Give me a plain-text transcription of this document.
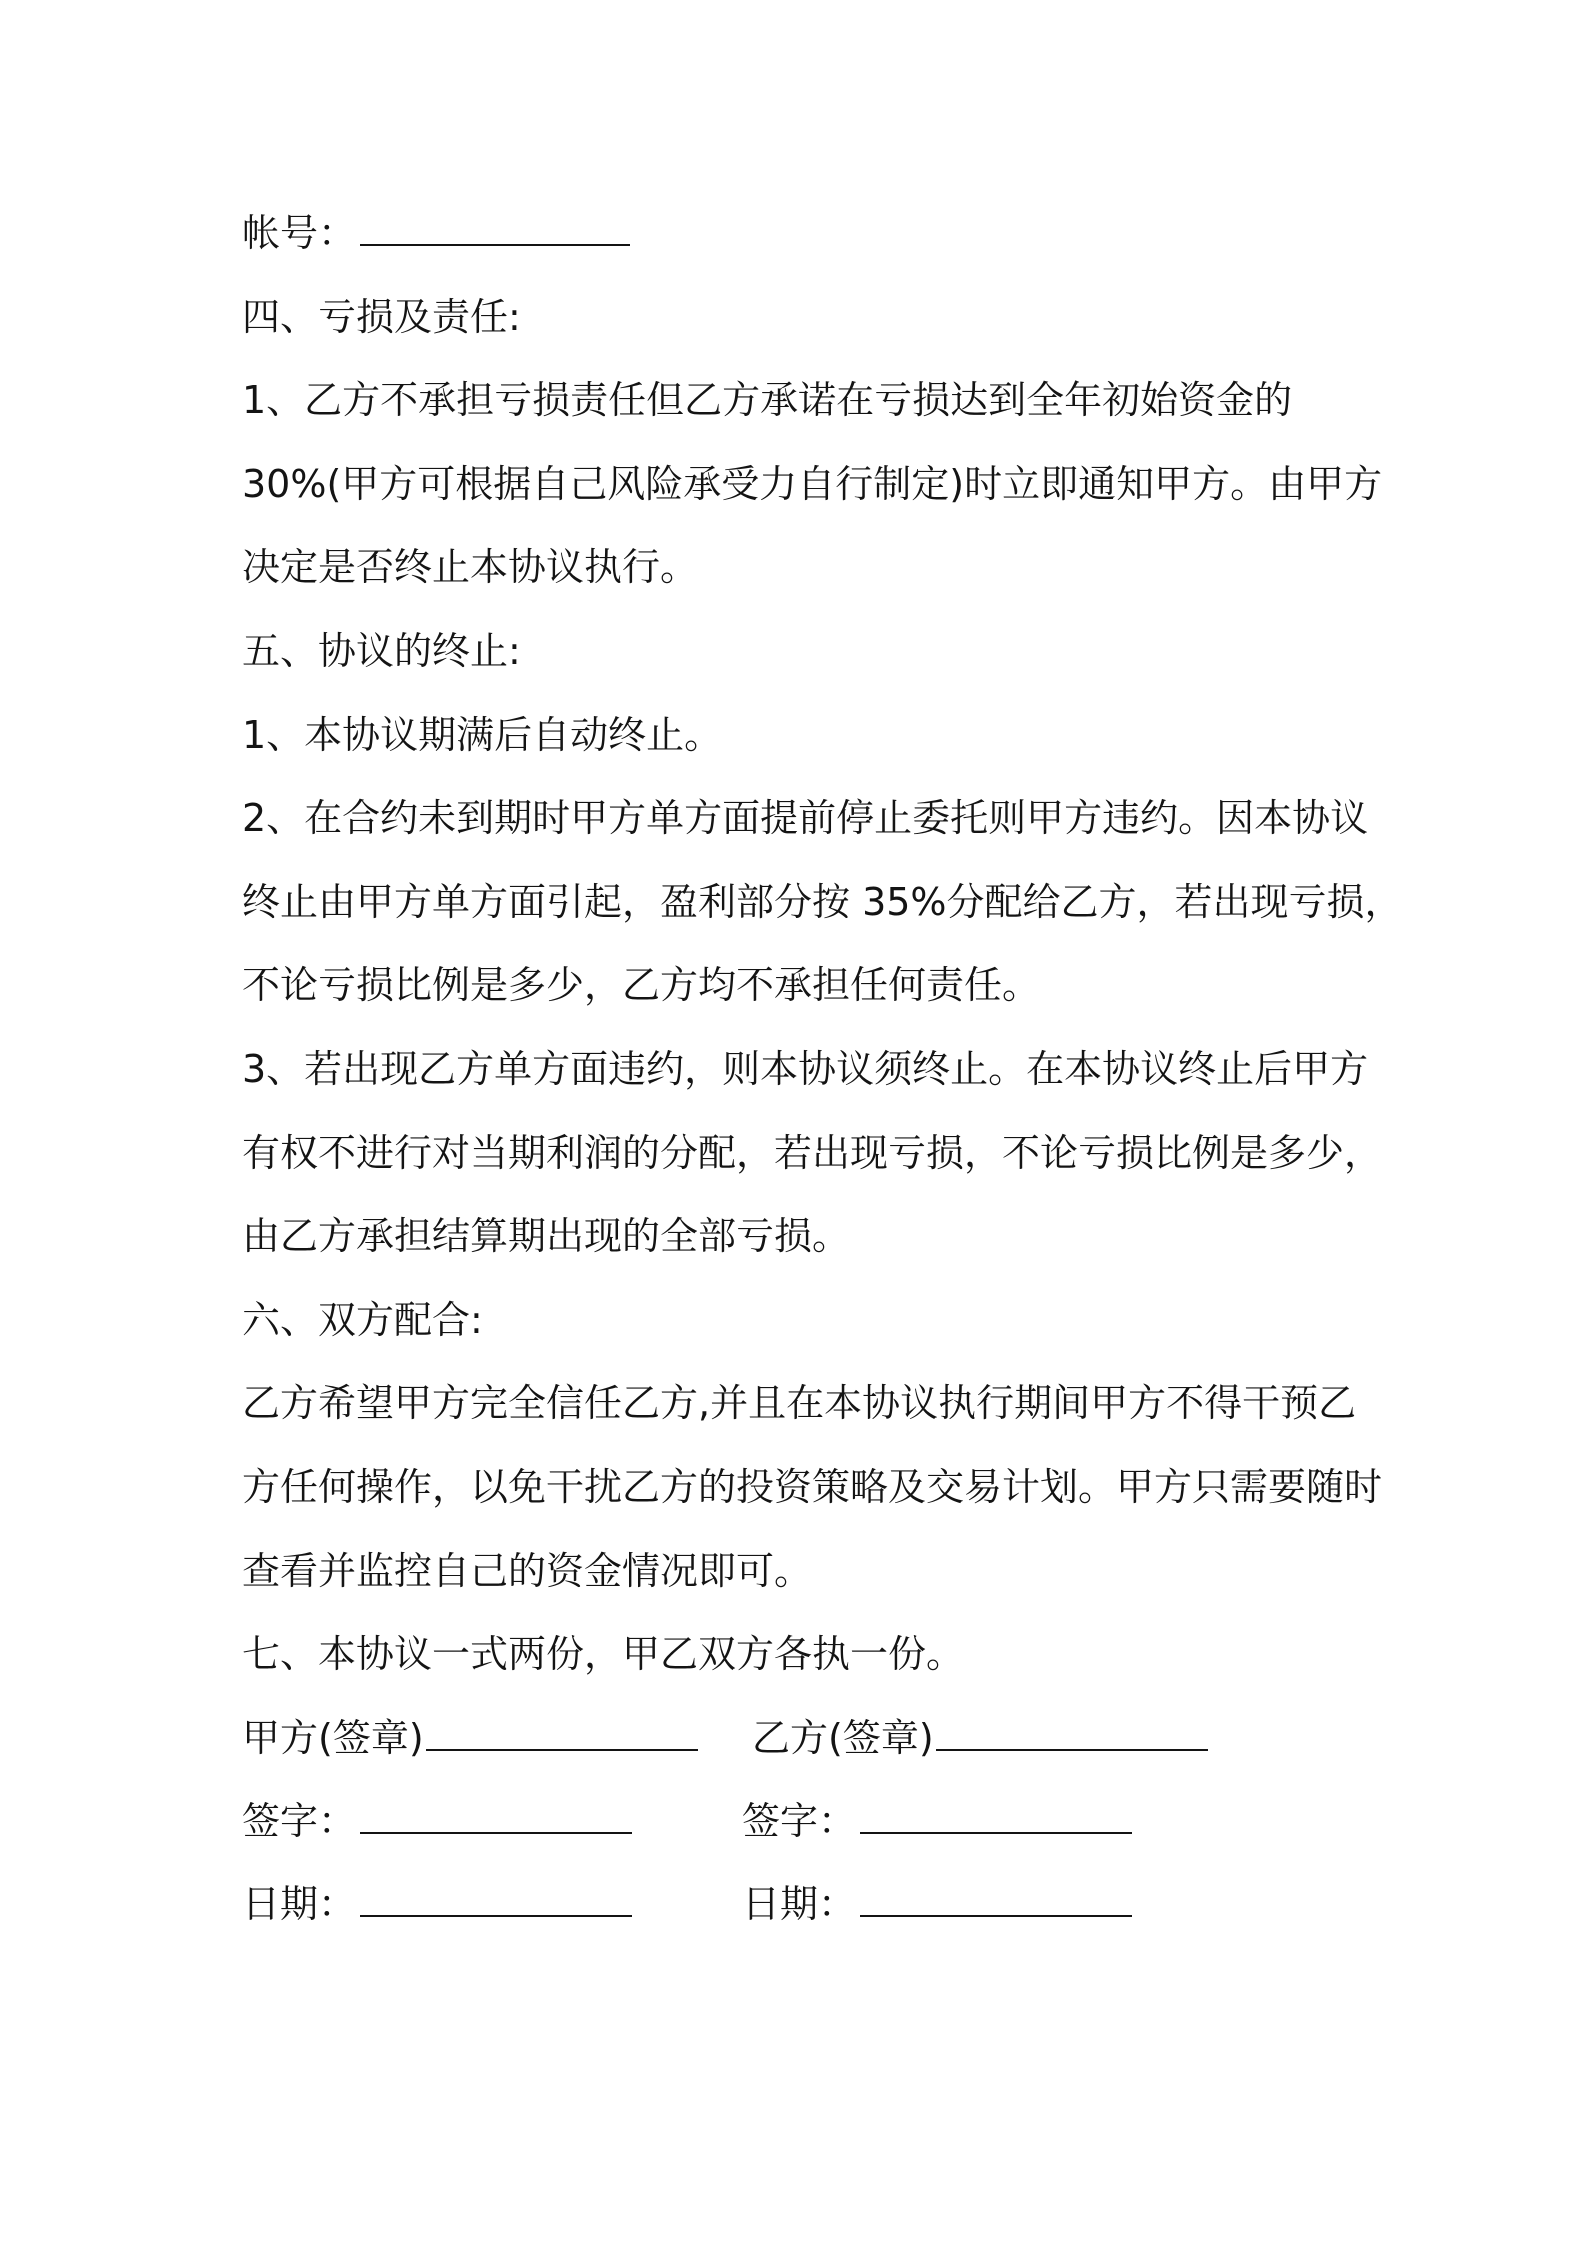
帐号：

四、亏损及责任:

1、乙方不承担亏损责任但乙方承诺在亏损达到全年初始资金的

30%(甲方可根据自己风险承受力自行制定)时立即通知甲方。由甲方

决定是否终止本协议执行。

五、协议的终止:

1、本协议期满后自动终止。

2、在合约未到期时甲方单方面提前停止委托则甲方违约。因本协议

终止由甲方单方面引起，盈利部分按 35%分配给乙方，若出现亏损，

不论亏损比例是多少，乙方均不承担任何责任。

3、若出现乙方单方面违约，则本协议须终止。在本协议终止后甲方

有权不进行对当期利润的分配，若出现亏损，不论亏损比例是多少，

由乙方承担结算期出现的全部亏损。

六、双方配合:

乙方希望甲方完全信任乙方,并且在本协议执行期间甲方不得干预乙

方任何操作，以免干扰乙方的投资策略及交易计划。甲方只需要随时

查看并监控自己的资金情况即可。

七、本协议一式两份，甲乙双方各执一份。

甲方(签章)	乙方(签章)
签字：	签字：
日期：	日期：
